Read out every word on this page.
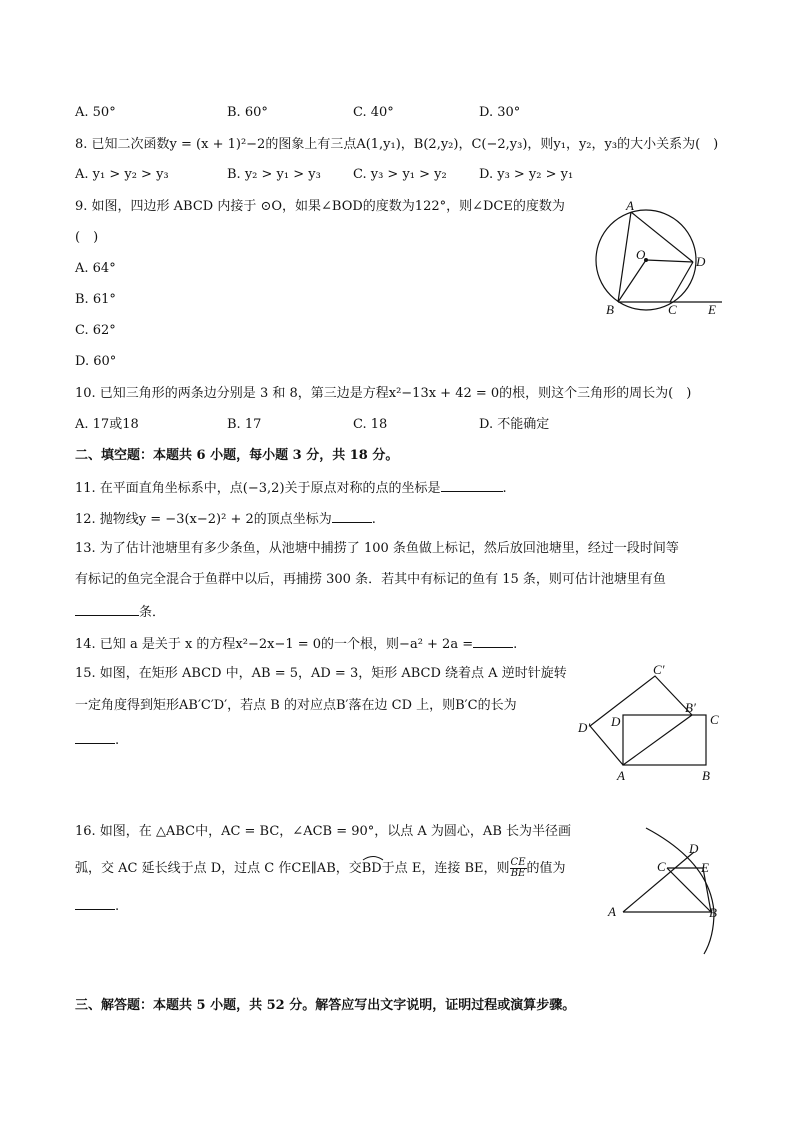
A. 50°	B. 60°	C. 40°	D. 30°
8. 已知二次函数y = (x + 1)²−2的图象上有三点A(1,y₁)，B(2,y₂)，C(−2,y₃)，则y₁，y₂，y₃的大小关系为(　)
A. y₁ > y₂ > y₃	B. y₂ > y₁ > y₃ C. y₃ > y₁ > y₂ D. y₃ > y₂ > y₁
9. 如图，四边形 ABCD 内接于 ⊙O，如果∠BOD的度数为122°，则∠DCE的度数为
(　)
A. 64°
B. 61°
C. 62°
D. 60°
A
O	D
B	C E
10. 已知三角形的两条边分别是 3 和 8，第三边是方程x²−13x + 42 = 0的根，则这个三角形的周长为(　)
A. 17或18	B. 17	C. 18	D. 不能确定
二、填空题：本题共 6 小题，每小题 3 分，共 18 分。
11. 在平面直角坐标系中，点(−3,2)关于原点对称的点的坐标是	.
12. 抛物线y = −3(x−2)² + 2的顶点坐标为	.
13. 为了估计池塘里有多少条鱼，从池塘中捕捞了 100 条鱼做上标记，然后放回池塘里，经过一段时间等
有标记的鱼完全混合于鱼群中以后，再捕捞 300 条．若其中有标记的鱼有 15 条，则可估计池塘里有鱼
条．
14. 已知 a 是关于 x 的方程x²−2x−1 = 0的一个根，则−a² + 2a =	.
15. 如图，在矩形 ABCD 中，AB = 5，AD = 3，矩形 ABCD 绕着点 A 逆时针旋转
一定角度得到矩形AB′C′D′，若点 B 的对应点B′落在边 CD 上，则B′C的长为
.
C′
D′ D
B′
C
A	B
16. 如图，在 △ABC中，AC = BC，∠ACB = 90°，以点 A 为圆心，AB 长为半径画
弧，交 AC 延长线于点 D，过点 C 作CE∥AB，交
BD于点 E，连接 BE，则 $\frac{CE}{BE}$ 的值为
.
D
C	E
A	B
三、解答题：本题共 5 小题，共 52 分。解答应写出文字说明，证明过程或演算步骤。
